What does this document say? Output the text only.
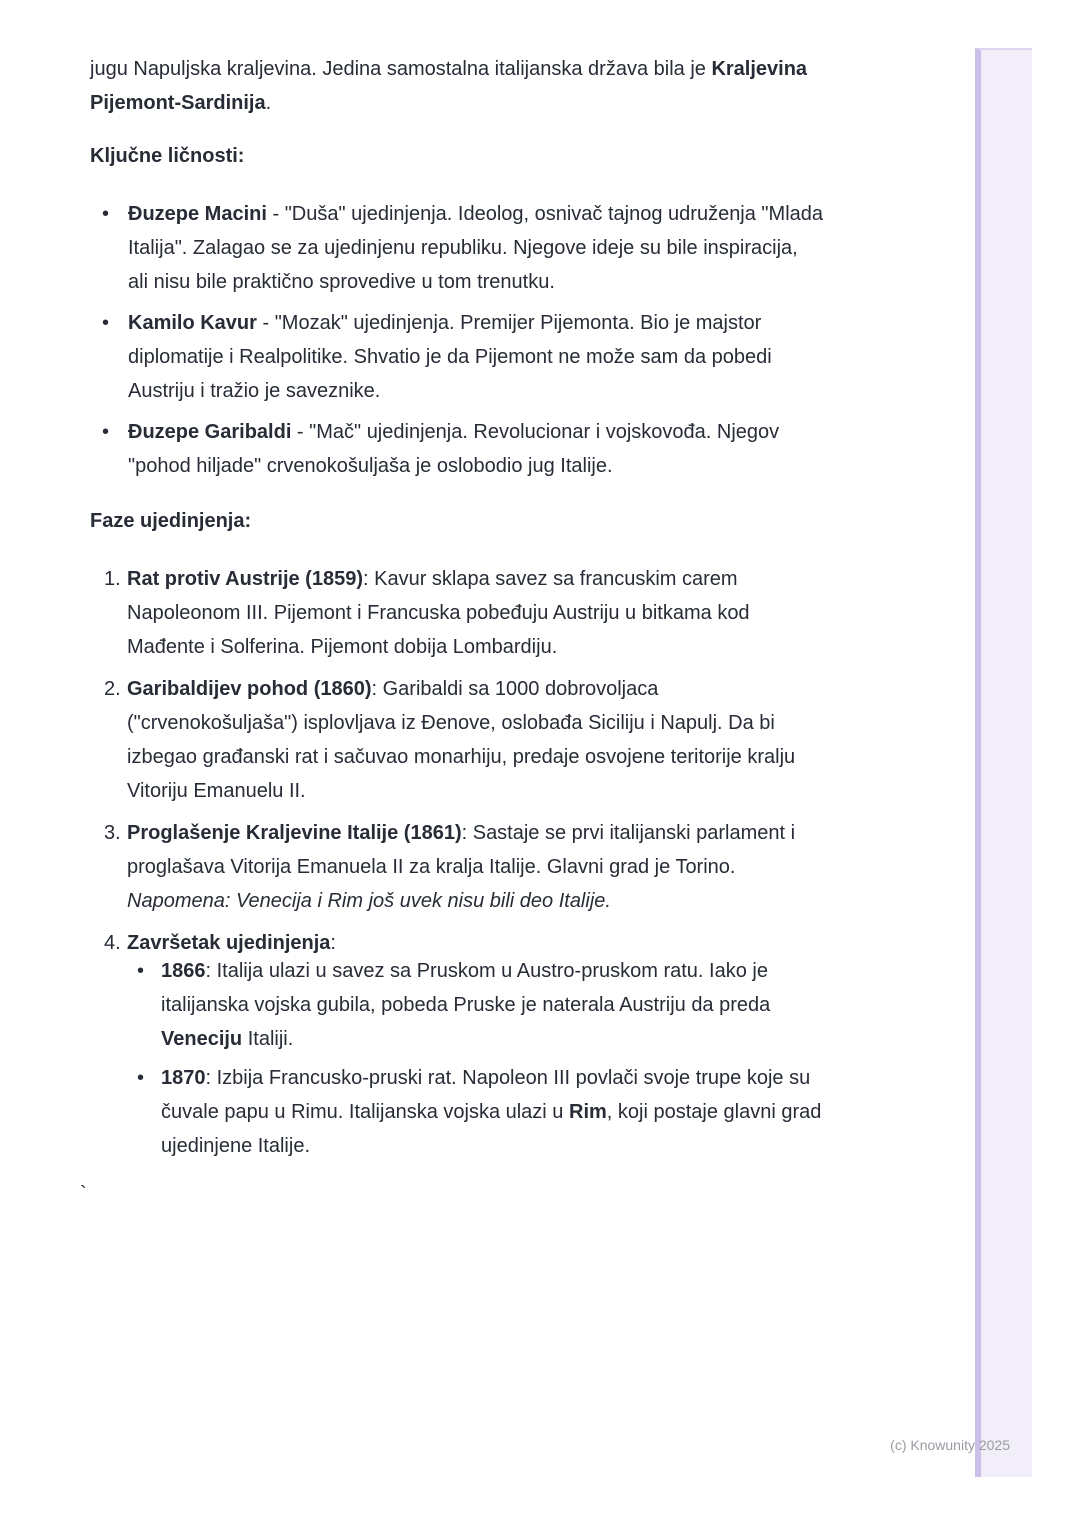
jugu Napuljska kraljevina. Jedina samostalna italijanska država bila je Kraljevina
Pijemont-Sardinija.
Ključne ličnosti:
• Đuzepe Macini - "Duša" ujedinjenja. Ideolog, osnivač tajnog udruženja "Mlada
Italija". Zalagao se za ujedinjenu republiku. Njegove ideje su bile inspiracija,
ali nisu bile praktično sprovedive u tom trenutku.
• Kamilo Kavur - "Mozak" ujedinjenja. Premijer Pijemonta. Bio je majstor
diplomatije i Realpolitike. Shvatio je da Pijemont ne može sam da pobedi
Austriju i tražio je saveznike.
• Đuzepe Garibaldi - "Mač" ujedinjenja. Revolucionar i vojskovođa. Njegov
"pohod hiljade" crvenokošuljaša je oslobodio jug Italije.
Faze ujedinjenja:
1. Rat protiv Austrije (1859): Kavur sklapa savez sa francuskim carem
Napoleonom III. Pijemont i Francuska pobeđuju Austriju u bitkama kod
Mađente i Solferina. Pijemont dobija Lombardiju.
2. Garibaldijev pohod (1860): Garibaldi sa 1000 dobrovoljaca
("crvenokošuljaša") isplovljava iz Đenove, oslobađa Siciliju i Napulj. Da bi
izbegao građanski rat i sačuvao monarhiju, predaje osvojene teritorije kralju
Vitoriju Emanuelu II.
3. Proglašenje Kraljevine Italije (1861): Sastaje se prvi italijanski parlament i
proglašava Vitorija Emanuela II za kralja Italije. Glavni grad je Torino.
Napomena: Venecija i Rim još uvek nisu bili deo Italije.
4. Završetak ujedinjenja:
• 1866: Italija ulazi u savez sa Pruskom u Austro-pruskom ratu. Iako je
italijanska vojska gubila, pobeda Pruske je naterala Austriju da preda
Veneciju Italiji.
• 1870: Izbija Francusko-pruski rat. Napoleon III povlači svoje trupe koje su
čuvale papu u Rimu. Italijanska vojska ulazi u Rim, koji postaje glavni grad
ujedinjene Italije.
`
(c) Knowunity 2025
